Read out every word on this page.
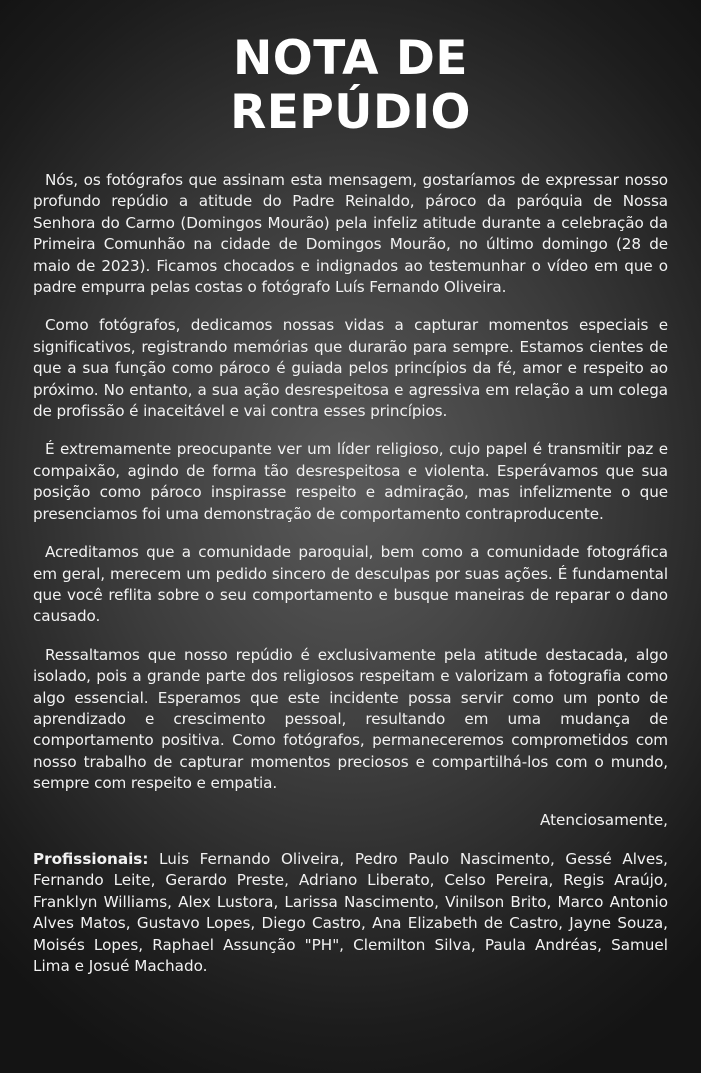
NOTA DE
REPÚDIO

Nós, os fotógrafos que assinam esta mensagem, gostaríamos de expressar nosso profundo repúdio a atitude do Padre Reinaldo, pároco da paróquia de Nossa Senhora do Carmo (Domingos Mourão) pela infeliz atitude durante a celebração da Primeira Comunhão na cidade de Domingos Mourão, no último domingo (28 de maio de 2023). Ficamos chocados e indignados ao testemunhar o vídeo em que o padre empurra pelas costas o fotógrafo Luís Fernando Oliveira.

Como fotógrafos, dedicamos nossas vidas a capturar momentos especiais e significativos, registrando memórias que durarão para sempre. Estamos cientes de que a sua função como pároco é guiada pelos princípios da fé, amor e respeito ao próximo. No entanto, a sua ação desrespeitosa e agressiva em relação a um colega de profissão é inaceitável e vai contra esses princípios.

É extremamente preocupante ver um líder religioso, cujo papel é transmitir paz e compaixão, agindo de forma tão desrespeitosa e violenta. Esperávamos que sua posição como pároco inspirasse respeito e admiração, mas infelizmente o que presenciamos foi uma demonstração de comportamento contraproducente.

Acreditamos que a comunidade paroquial, bem como a comunidade fotográfica em geral, merecem um pedido sincero de desculpas por suas ações. É fundamental que você reflita sobre o seu comportamento e busque maneiras de reparar o dano causado.

Ressaltamos que nosso repúdio é exclusivamente pela atitude destacada, algo isolado, pois a grande parte dos religiosos respeitam e valorizam a fotografia como algo essencial. Esperamos que este incidente possa servir como um ponto de aprendizado e crescimento pessoal, resultando em uma mudança de comportamento positiva. Como fotógrafos, permaneceremos comprometidos com nosso trabalho de capturar momentos preciosos e compartilhá-los com o mundo, sempre com respeito e empatia.

Atenciosamente,

Profissionais: Luis Fernando Oliveira, Pedro Paulo Nascimento, Gessé Alves, Fernando Leite, Gerardo Preste, Adriano Liberato, Celso Pereira, Regis Araújo, Franklyn Williams, Alex Lustora, Larissa Nascimento, Vinilson Brito, Marco Antonio Alves Matos, Gustavo Lopes, Diego Castro, Ana Elizabeth de Castro, Jayne Souza, Moisés Lopes, Raphael Assunção "PH", Clemilton Silva, Paula Andréas, Samuel Lima e Josué Machado.
